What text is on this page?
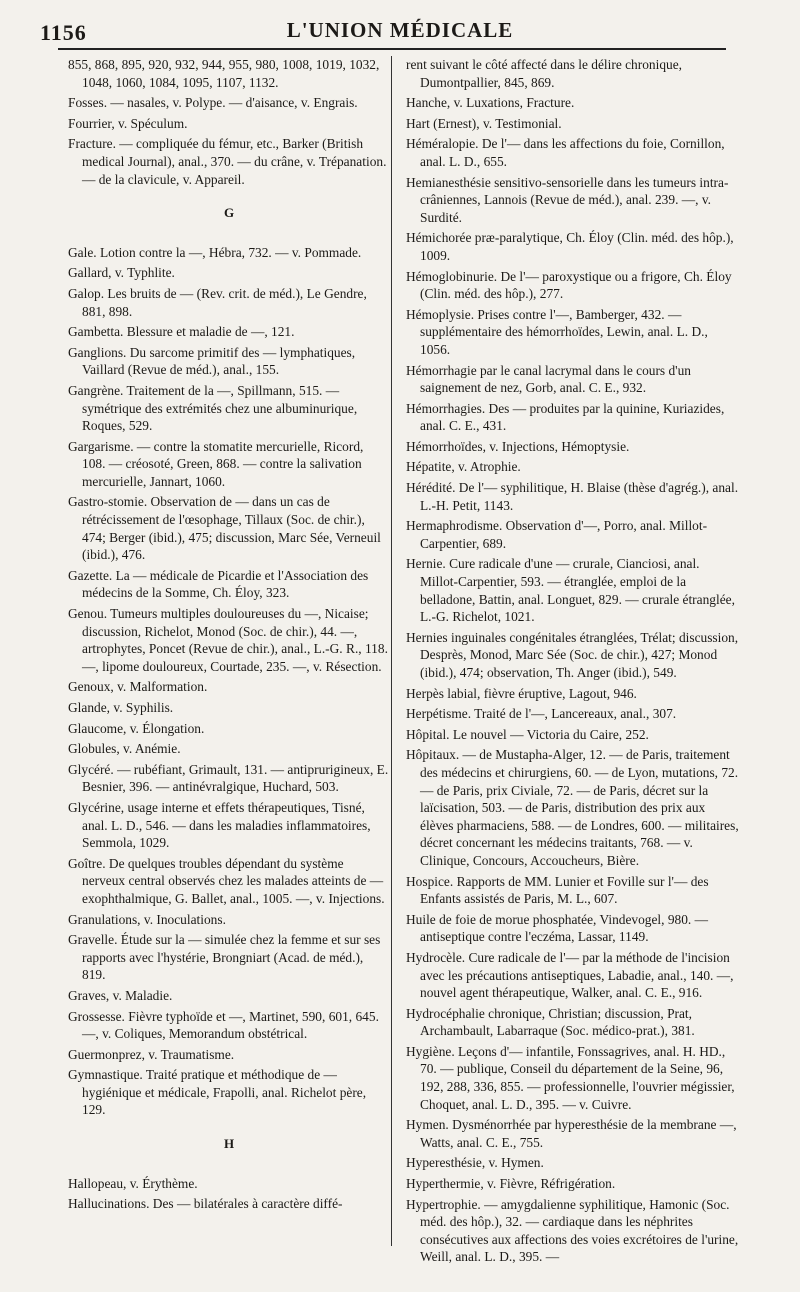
1156	L'UNION MÉDICALE
855, 868, 895, 920, 932, 944, 955, 980, 1008, 1019, 1032, 1048, 1060, 1084, 1095, 1107, 1132.
Fosses. — nasales, v. Polype. — d'aisance, v. Engrais.
Fourrier, v. Spéculum.
Fracture. — compliquée du fémur, etc., Barker (British medical Journal), anal., 370. — du crâne, v. Trépanation. — de la clavicule, v. Appareil.
G
Gale. Lotion contre la —, Hébra, 732. — v. Pommade.
Gallard, v. Typhlite.
Galop. Les bruits de — (Rev. crit. de méd.), Le Gendre, 881, 898.
Gambetta. Blessure et maladie de —, 121.
Ganglions. Du sarcome primitif des — lymphatiques, Vaillard (Revue de méd.), anal., 155.
Gangrène. Traitement de la —, Spillmann, 515. — symétrique des extrémités chez une albuminurique, Roques, 529.
Gargarisme. — contre la stomatite mercurielle, Ricord, 108. — créosoté, Green, 868. — contre la salivation mercurielle, Jannart, 1060.
Gastro-stomie. Observation de — dans un cas de rétrécissement de l'œsophage, Tillaux (Soc. de chir.), 474; Berger (ibid.), 475; discussion, Marc Sée, Verneuil (ibid.), 476.
Gazette. La — médicale de Picardie et l'Association des médecins de la Somme, Ch. Éloy, 323.
Genou. Tumeurs multiples douloureuses du —, Nicaise; discussion, Richelot, Monod (Soc. de chir.), 44. —, artrophytes, Poncet (Revue de chir.), anal., L.-G. R., 118. —, lipome douloureux, Courtade, 235. —, v. Résection.
Genoux, v. Malformation.
Glande, v. Syphilis.
Glaucome, v. Élongation.
Globules, v. Anémie.
Glycéré. — rubéfiant, Grimault, 131. — antiprurigineux, E. Besnier, 396. — antinévralgique, Huchard, 503.
Glycérine, usage interne et effets thérapeutiques, Tisné, anal. L. D., 546. — dans les maladies inflammatoires, Semmola, 1029.
Goître. De quelques troubles dépendant du système nerveux central observés chez les malades atteints de — exophthalmique, G. Ballet, anal., 1005. —, v. Injections.
Granulations, v. Inoculations.
Gravelle. Étude sur la — simulée chez la femme et sur ses rapports avec l'hystérie, Brongniart (Acad. de méd.), 819.
Graves, v. Maladie.
Grossesse. Fièvre typhoïde et —, Martinet, 590, 601, 645. —, v. Coliques, Memorandum obstétrical.
Guermonprez, v. Traumatisme.
Gymnastique. Traité pratique et méthodique de — hygiénique et médicale, Frapolli, anal. Richelot père, 129.
H
Hallopeau, v. Érythème.
Hallucinations. Des — bilatérales à caractère diffé-
rent suivant le côté affecté dans le délire chronique, Dumontpallier, 845, 869.
Hanche, v. Luxations, Fracture.
Hart (Ernest), v. Testimonial.
Héméralopie. De l'— dans les affections du foie, Cornillon, anal. L. D., 655.
Hemianesthésie sensitivo-sensorielle dans les tumeurs intra-crâniennes, Lannois (Revue de méd.), anal. 239. —, v. Surdité.
Hémichorée præ-paralytique, Ch. Éloy (Clin. méd. des hôp.), 1009.
Hémoglobinurie. De l'— paroxystique ou a frigore, Ch. Éloy (Clin. méd. des hôp.), 277.
Hémoplysie. Prises contre l'—, Bamberger, 432. — supplémentaire des hémorrhoïdes, Lewin, anal. L. D., 1056.
Hémorrhagie par le canal lacrymal dans le cours d'un saignement de nez, Gorb, anal. C. E., 932.
Hémorrhagies. Des — produites par la quinine, Kuriazides, anal. C. E., 431.
Hémorrhoïdes, v. Injections, Hémoptysie.
Hépatite, v. Atrophie.
Hérédité. De l'— syphilitique, H. Blaise (thèse d'agrég.), anal. L.-H. Petit, 1143.
Hermaphrodisme. Observation d'—, Porro, anal. Millot-Carpentier, 689.
Hernie. Cure radicale d'une — crurale, Cianciosi, anal. Millot-Carpentier, 593. — étranglée, emploi de la belladone, Battin, anal. Longuet, 829. — crurale étranglée, L.-G. Richelot, 1021.
Hernies inguinales congénitales étranglées, Trélat; discussion, Desprès, Monod, Marc Sée (Soc. de chir.), 427; Monod (ibid.), 474; observation, Th. Anger (ibid.), 549.
Herpès labial, fièvre éruptive, Lagout, 946.
Herpétisme. Traité de l'—, Lancereaux, anal., 307.
Hôpital. Le nouvel — Victoria du Caire, 252.
Hôpitaux. — de Mustapha-Alger, 12. — de Paris, traitement des médecins et chirurgiens, 60. — de Lyon, mutations, 72. — de Paris, prix Civiale, 72. — de Paris, décret sur la laïcisation, 503. — de Paris, distribution des prix aux élèves pharmaciens, 588. — de Londres, 600. — militaires, décret concernant les médecins traitants, 768. — v. Clinique, Concours, Accoucheurs, Bière.
Hospice. Rapports de MM. Lunier et Foville sur l'— des Enfants assistés de Paris, M. L., 607.
Huile de foie de morue phosphatée, Vindevogel, 980. — antiseptique contre l'eczéma, Lassar, 1149.
Hydrocèle. Cure radicale de l'— par la méthode de l'incision avec les précautions antiseptiques, Labadie, anal., 140. —, nouvel agent thérapeutique, Walker, anal. C. E., 916.
Hydrocéphalie chronique, Christian; discussion, Prat, Archambault, Labarraque (Soc. médico-prat.), 381.
Hygiène. Leçons d'— infantile, Fonssagrives, anal. H. HD., 70. — publique, Conseil du département de la Seine, 96, 192, 288, 336, 855. — professionnelle, l'ouvrier mégissier, Choquet, anal. L. D., 395. — v. Cuivre.
Hymen. Dysménorrhée par hyperesthésie de la membrane —, Watts, anal. C. E., 755.
Hyperesthésie, v. Hymen.
Hyperthermie, v. Fièvre, Réfrigération.
Hypertrophie. — amygdalienne syphilitique, Hamonic (Soc. méd. des hôp.), 32. — cardiaque dans les néphrites consécutives aux affections des voies excrétoires de l'urine, Weill, anal. L. D., 395. —
